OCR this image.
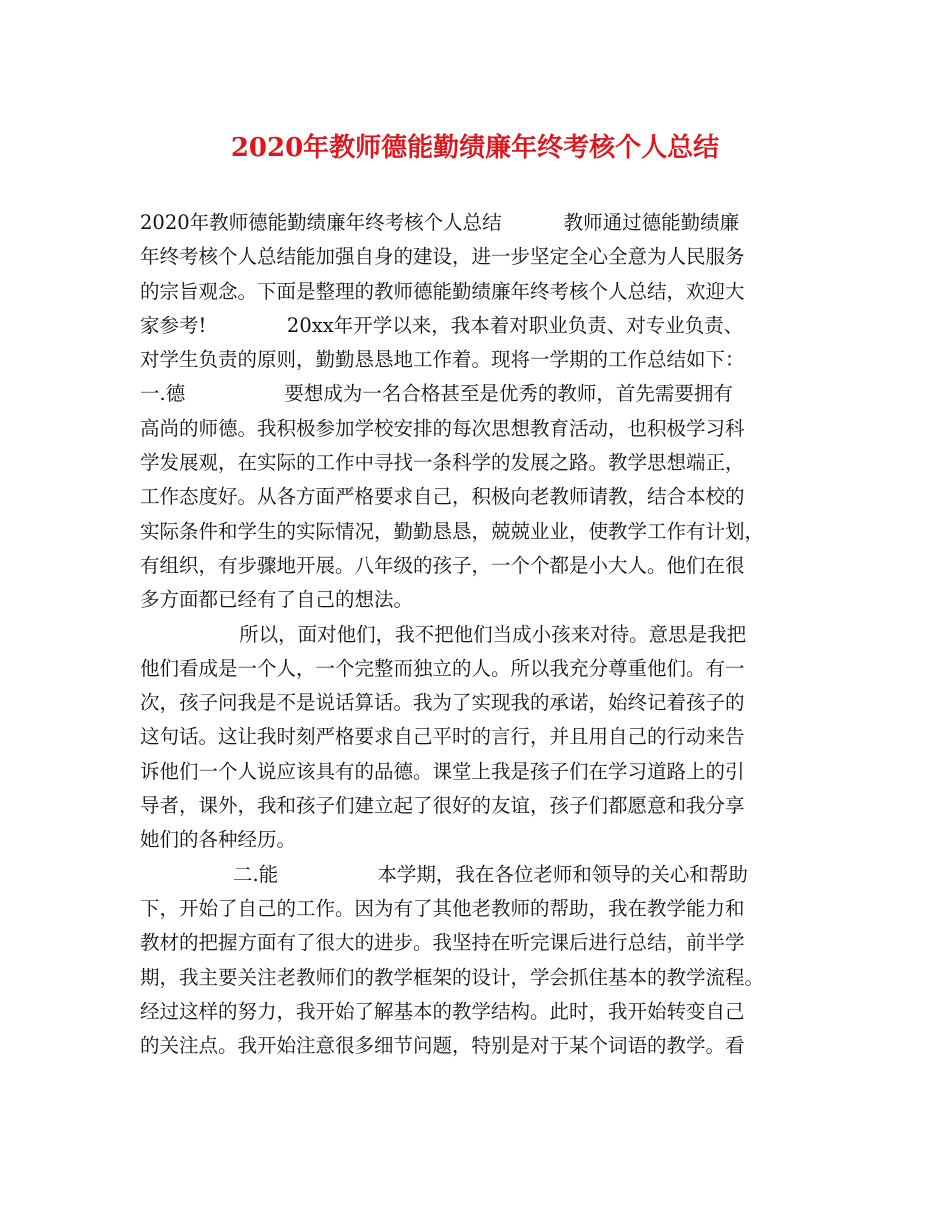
2020年教师德能勤绩廉年终考核个人总结
2020年教师德能勤绩廉年终考核个人总结          教师通过德能勤绩廉
年终考核个人总结能加强自身的建设，进一步坚定全心全意为人民服务
的宗旨观念。下面是整理的教师德能勤绩廉年终考核个人总结，欢迎大
家参考!             20xx年开学以来，我本着对职业负责、对专业负责、
对学生负责的原则，勤勤恳恳地工作着。现将一学期的工作总结如下：
一.德                要想成为一名合格甚至是优秀的教师，首先需要拥有
高尚的师德。我积极参加学校安排的每次思想教育活动，也积极学习科
学发展观，在实际的工作中寻找一条科学的发展之路。教学思想端正，
工作态度好。从各方面严格要求自己，积极向老教师请教，结合本校的
实际条件和学生的实际情况，勤勤恳恳，兢兢业业，使教学工作有计划，
有组织，有步骤地开展。八年级的孩子，一个个都是小大人。他们在很
多方面都已经有了自己的想法。
所以，面对他们，我不把他们当成小孩来对待。意思是我把
他们看成是一个人，一个完整而独立的人。所以我充分尊重他们。有一
次，孩子问我是不是说话算话。我为了实现我的承诺，始终记着孩子的
这句话。这让我时刻严格要求自己平时的言行，并且用自己的行动来告
诉他们一个人说应该具有的品德。课堂上我是孩子们在学习道路上的引
导者，课外，我和孩子们建立起了很好的友谊，孩子们都愿意和我分享
她们的各种经历。
二.能                本学期，我在各位老师和领导的关心和帮助
下，开始了自己的工作。因为有了其他老教师的帮助，我在教学能力和
教材的把握方面有了很大的进步。我坚持在听完课后进行总结，前半学
期，我主要关注老教师们的教学框架的设计，学会抓住基本的教学流程。
经过这样的努力，我开始了解基本的教学结构。此时，我开始转变自己
的关注点。我开始注意很多细节问题，特别是对于某个词语的教学。看
